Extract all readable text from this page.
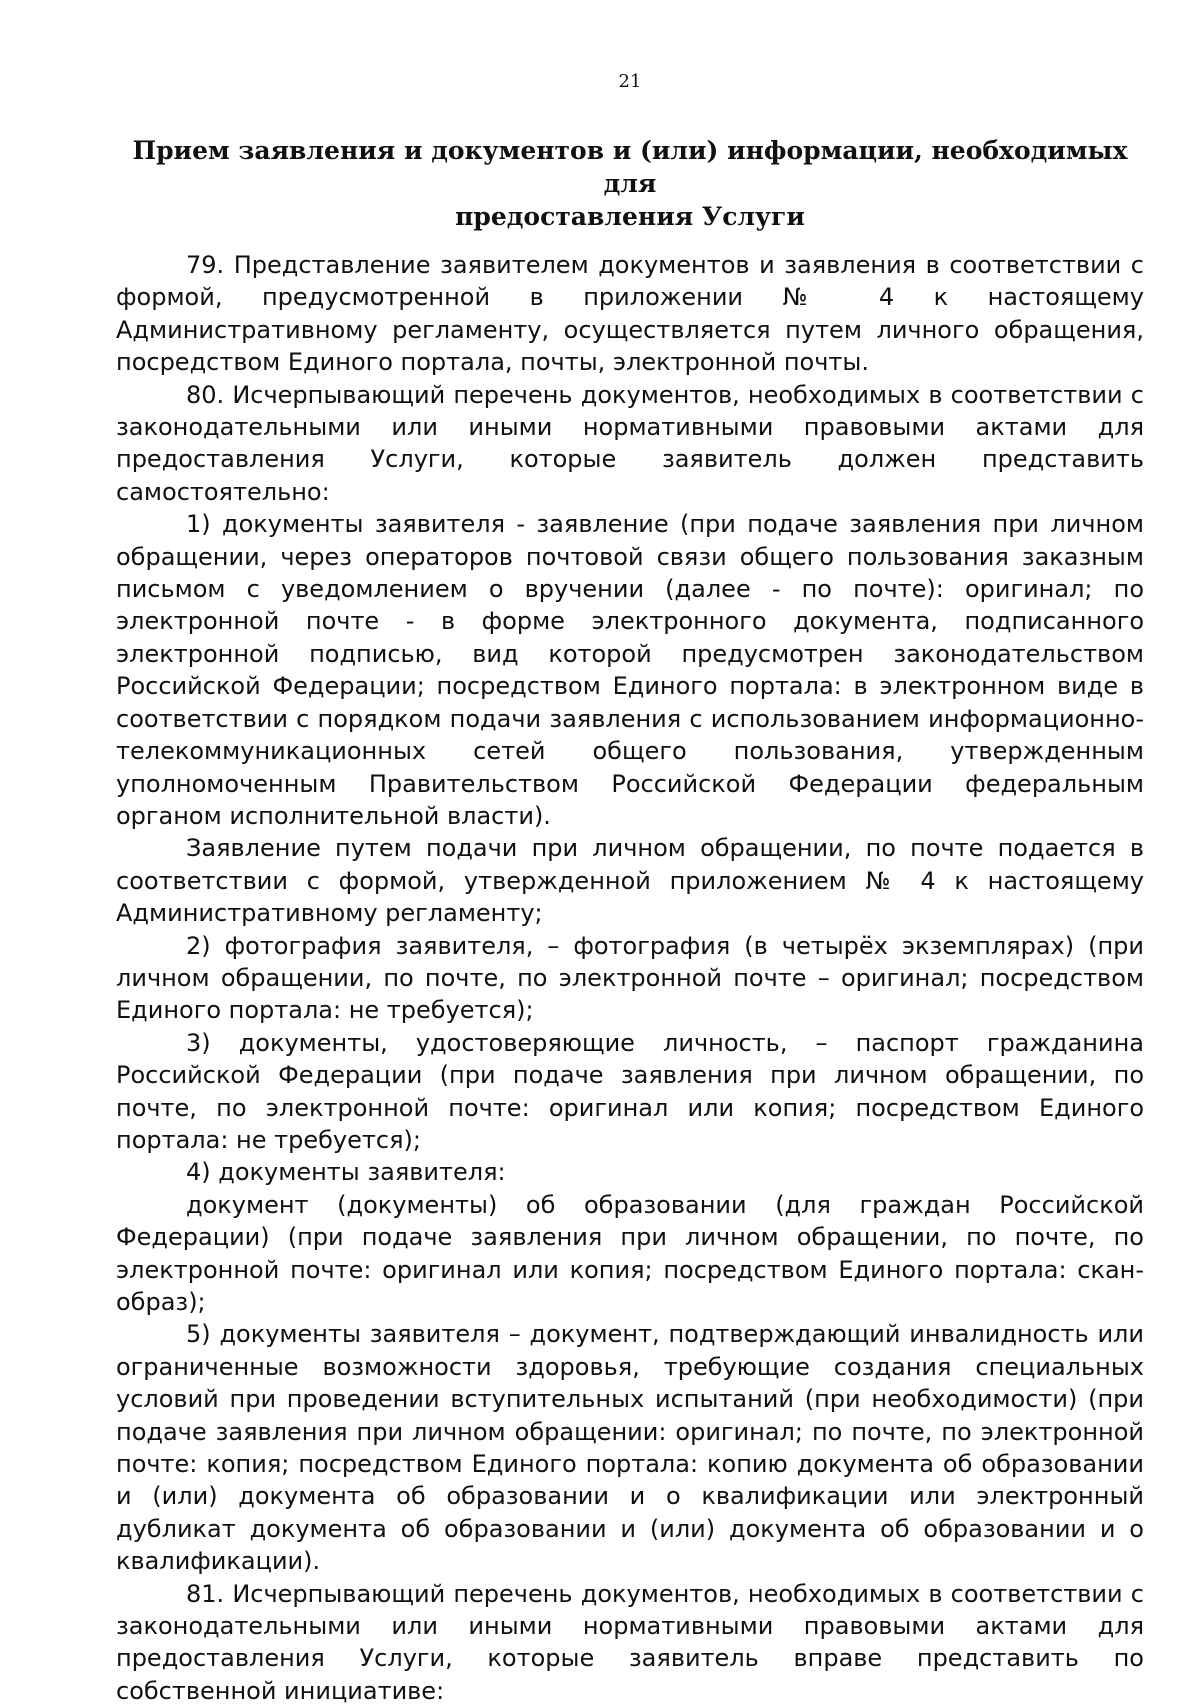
21
Прием заявления и документов и (или) информации, необходимых для
предоставления Услуги

79. Представление заявителем документов и заявления в соответствии с формой, предусмотренной в приложении № 4 к настоящему Административному регламенту, осуществляется путем личного обращения, посредством Единого портала, почты, электронной почты.

80. Исчерпывающий перечень документов, необходимых в соответствии с законодательными или иными нормативными правовыми актами для предоставления Услуги, которые заявитель должен представить самостоятельно:

1) документы заявителя - заявление (при подаче заявления при личном обращении, через операторов почтовой связи общего пользования заказным письмом с уведомлением о вручении (далее - по почте): оригинал; по электронной почте - в форме электронного документа, подписанного электронной подписью, вид которой предусмотрен законодательством Российской Федерации; посредством Единого портала: в электронном виде в соответствии с порядком подачи заявления с использованием информационно-телекоммуникационных сетей общего пользования, утвержденным уполномоченным Правительством Российской Федерации федеральным органом исполнительной власти).

Заявление путем подачи при личном обращении, по почте подается в соответствии с формой, утвержденной приложением № 4 к настоящему Административному регламенту;

2) фотография заявителя, – фотография (в четырёх экземплярах) (при личном обращении, по почте, по электронной почте – оригинал; посредством Единого портала: не требуется);

3) документы, удостоверяющие личность, – паспорт гражданина Российской Федерации (при подаче заявления при личном обращении, по почте, по электронной почте: оригинал или копия; посредством Единого портала: не требуется);

4) документы заявителя:

документ (документы) об образовании (для граждан Российской Федерации) (при подаче заявления при личном обращении, по почте, по электронной почте: оригинал или копия; посредством Единого портала: скан-образ);

5) документы заявителя – документ, подтверждающий инвалидность или ограниченные возможности здоровья, требующие создания специальных условий при проведении вступительных испытаний (при необходимости) (при подаче заявления при личном обращении: оригинал; по почте, по электронной почте: копия; посредством Единого портала: копию документа об образовании и (или) документа об образовании и о квалификации или электронный дубликат документа об образовании и (или) документа об образовании и о квалификации).

81. Исчерпывающий перечень документов, необходимых в соответствии с законодательными или иными нормативными правовыми актами для предоставления Услуги, которые заявитель вправе представить по собственной инициативе:
